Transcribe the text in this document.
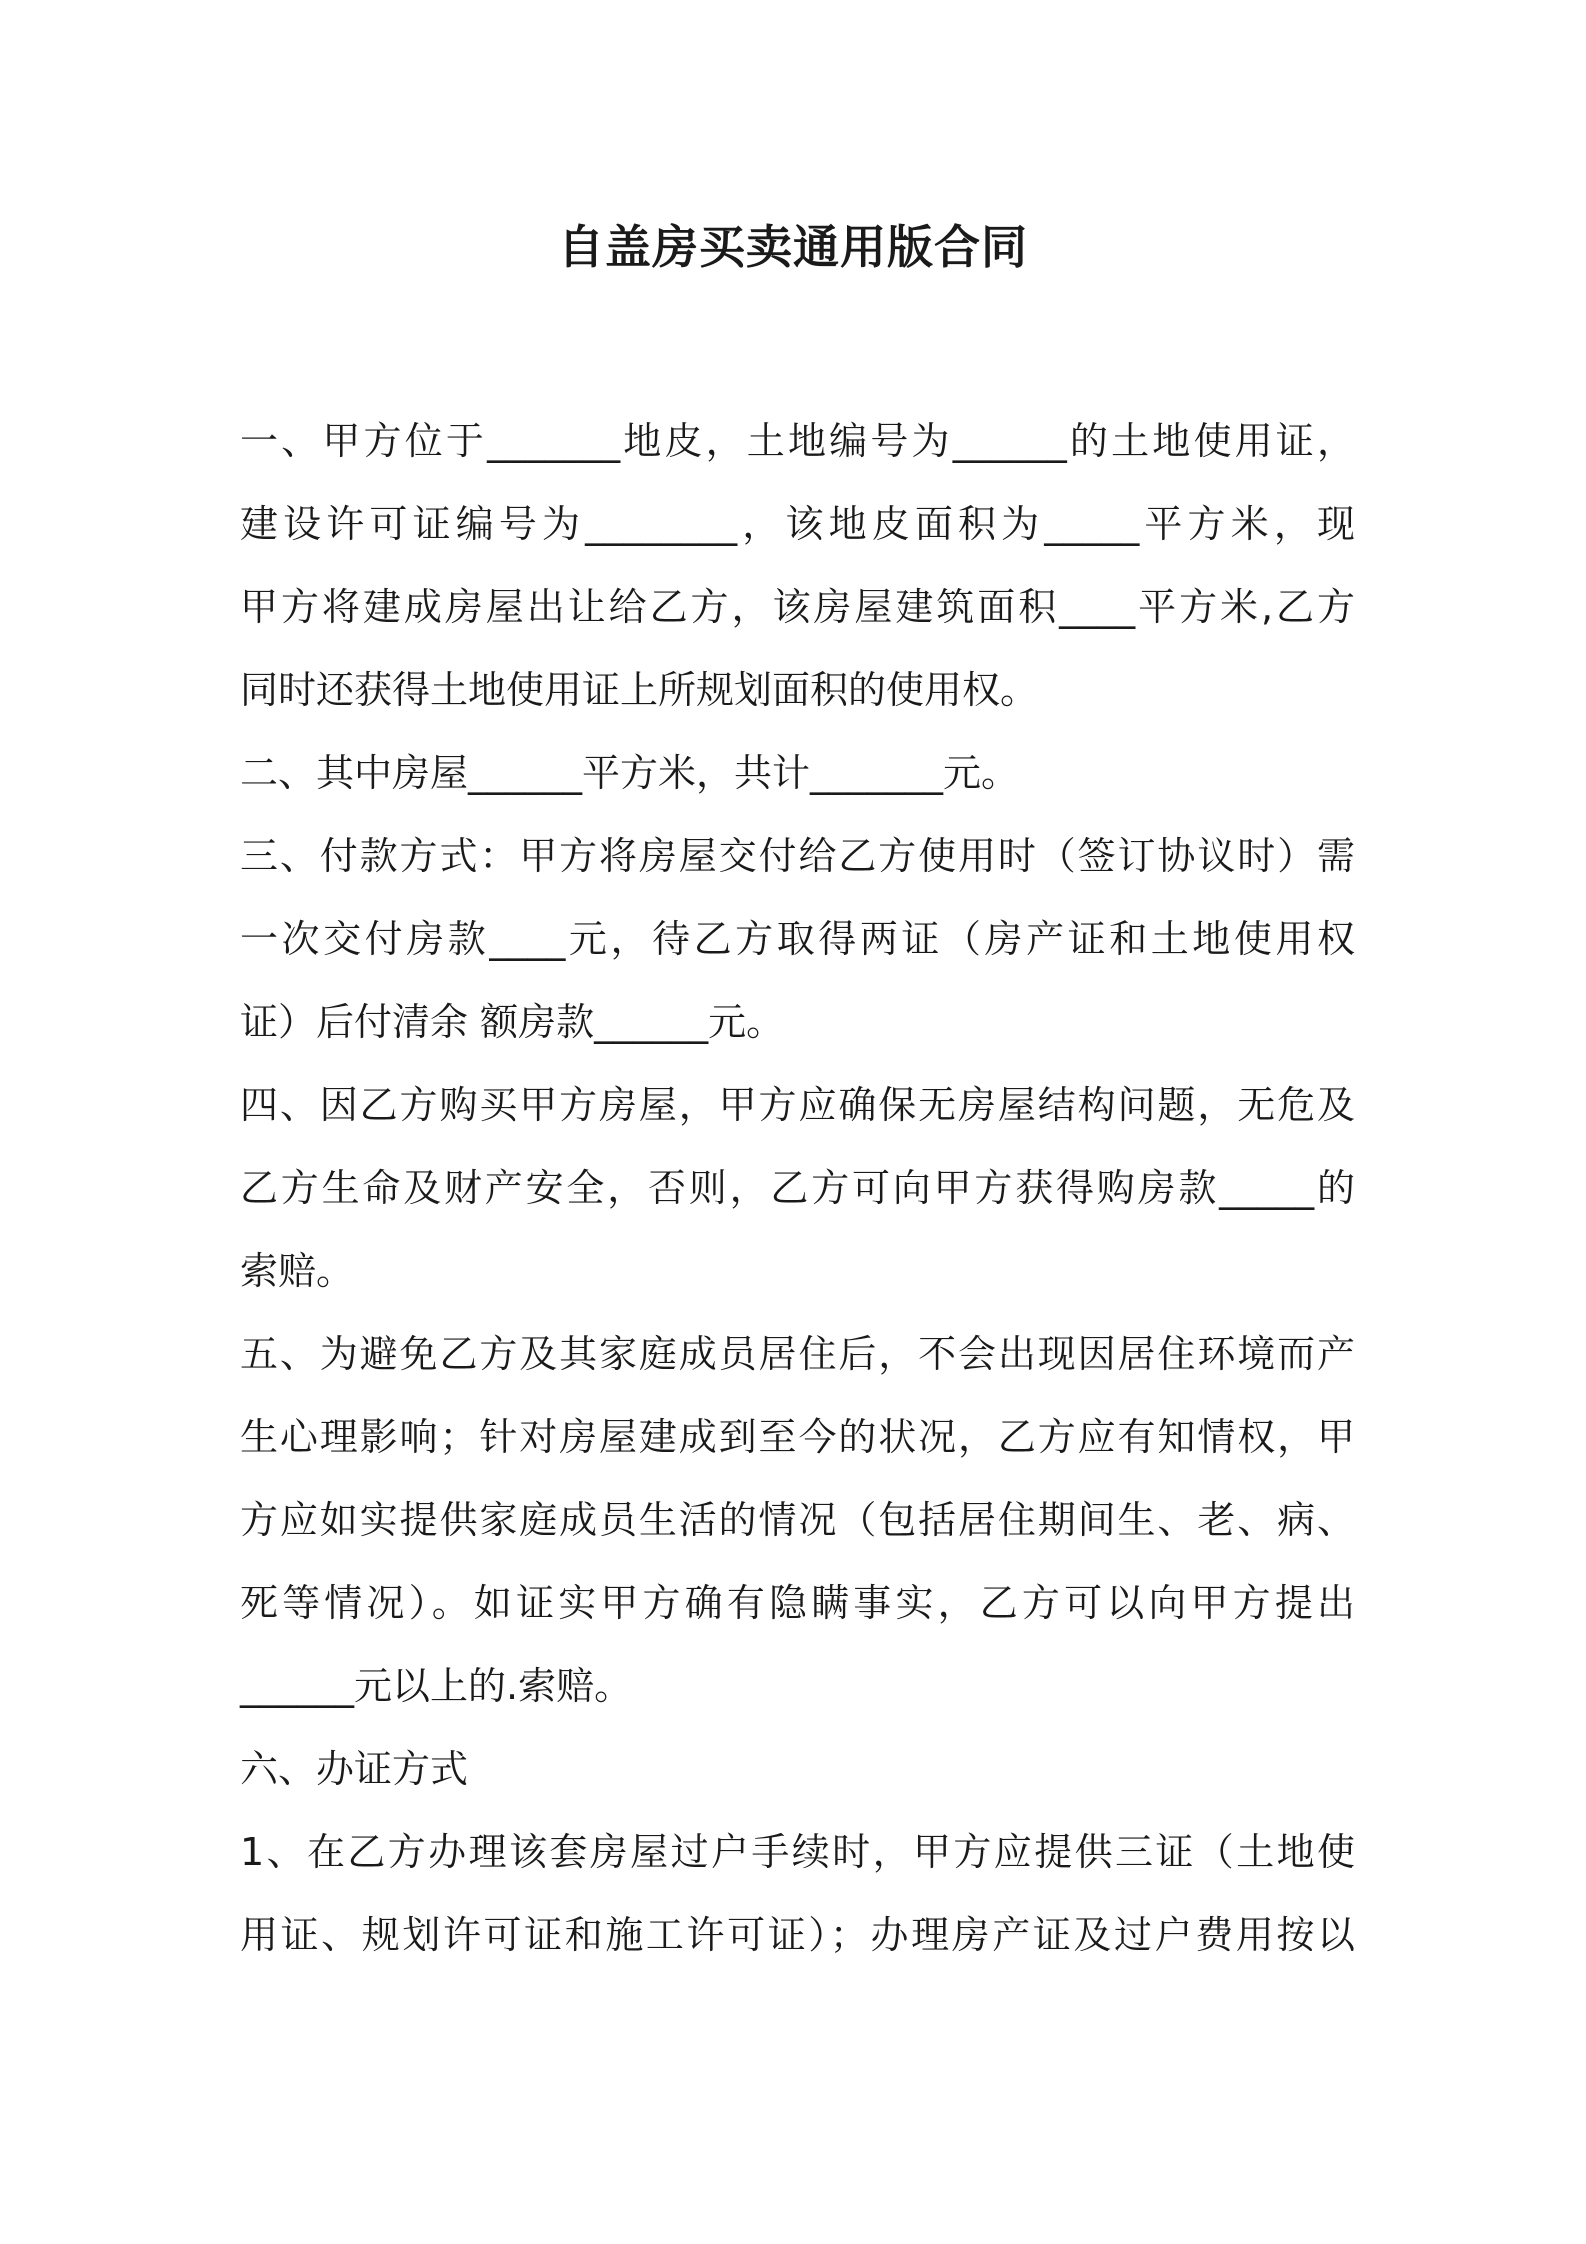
自盖房买卖通用版合同

一、甲方位于_______地皮，土地编号为______的土地使用证，

建设许可证编号为________，该地皮面积为_____平方米，现

甲方将建成房屋出让给乙方，该房屋建筑面积____平方米,乙方

同时还获得土地使用证上所规划面积的使用权。

二、其中房屋______平方米，共计_______元。

三、付款方式：甲方将房屋交付给乙方使用时（签订协议时）需

一次交付房款____元，待乙方取得两证（房产证和土地使用权

证）后付清余 额房款______元。

四、因乙方购买甲方房屋，甲方应确保无房屋结构问题，无危及

乙方生命及财产安全，否则，乙方可向甲方获得购房款_____的

索赔。

五、为避免乙方及其家庭成员居住后，不会出现因居住环境而产

生心理影响；针对房屋建成到至今的状况，乙方应有知情权，甲

方应如实提供家庭成员生活的情况（包括居住期间生、老、病、

死等情况）。如证实甲方确有隐瞒事实，乙方可以向甲方提出

______元以上的.索赔。

六、办证方式

1、在乙方办理该套房屋过户手续时，甲方应提供三证（土地使

用证、规划许可证和施工许可证）；办理房产证及过户费用按以
